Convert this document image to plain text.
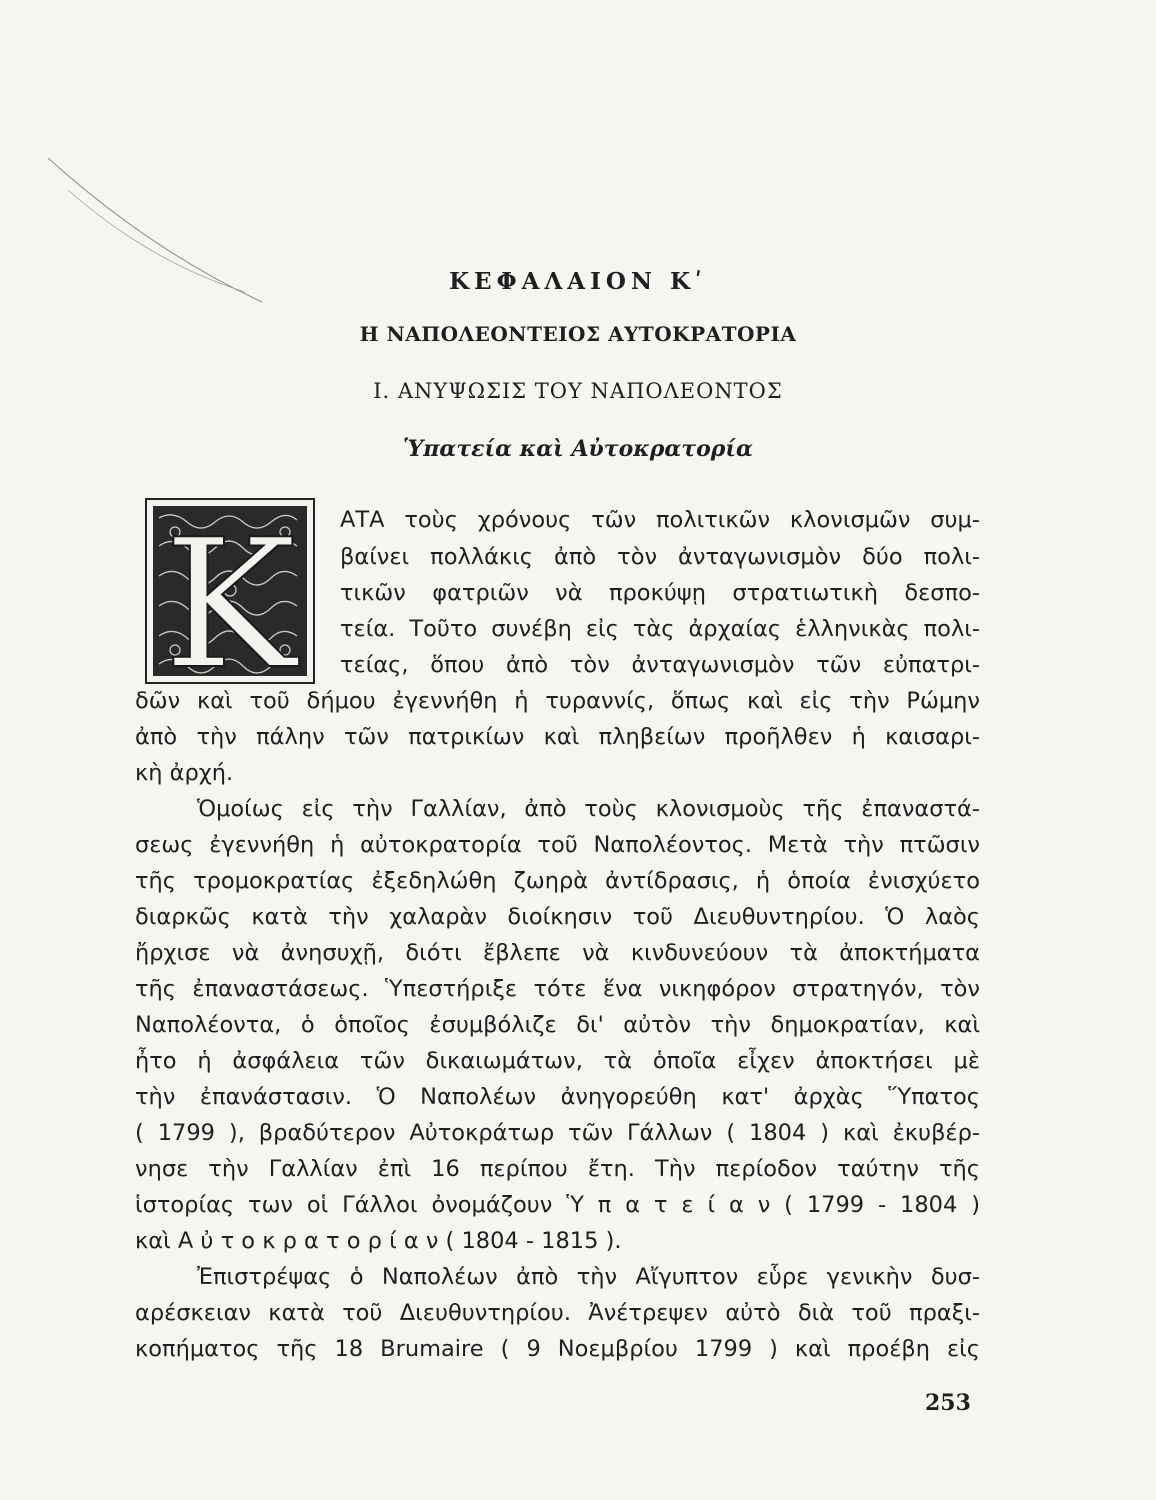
ΚΕΦΑΛΑΙΟΝ Κʹ
Η ΝΑΠΟΛΕΟΝΤΕΙΟΣ ΑΥΤΟΚΡΑΤΟΡΙΑ
Ι. ΑΝΥΨΩΣΙΣ ΤΟΥ ΝΑΠΟΛΕΟΝΤΟΣ
Ὑπατεία καὶ Αὐτοκρατορία
Κ ΑΤΑ τοὺς χρόνους τῶν πολιτικῶν κλονισμῶν συμ-
βαίνει πολλάκις ἀπὸ τὸν ἀνταγωνισμὸν δύο πολι-
τικῶν φατριῶν νὰ προκύψῃ στρατιωτικὴ δεσπο-
τεία. Τοῦτο συνέβη εἰς τὰς ἀρχαίας ἑλληνικὰς πολι-
τείας, ὅπου ἀπὸ τὸν ἀνταγωνισμὸν τῶν εὐπατρι-
δῶν καὶ τοῦ δήμου ἐγεννήθη ἡ τυραννίς, ὅπως καὶ εἰς τὴν Ρώμην
ἀπὸ τὴν πάλην τῶν πατρικίων καὶ πληβείων προῆλθεν ἡ καισαρι-
κὴ ἀρχή.
Ὁμοίως εἰς τὴν Γαλλίαν, ἀπὸ τοὺς κλονισμοὺς τῆς ἐπαναστά-
σεως ἐγεννήθη ἡ αὐτοκρατορία τοῦ Ναπολέοντος. Μετὰ τὴν πτῶσιν
τῆς τρομοκρατίας ἐξεδηλώθη ζωηρὰ ἀντίδρασις, ἡ ὁποία ἐνισχύετο
διαρκῶς κατὰ τὴν χαλαρὰν διοίκησιν τοῦ Διευθυντηρίου. Ὁ λαὸς
ἤρχισε νὰ ἀνησυχῇ, διότι ἔβλεπε νὰ κινδυνεύουν τὰ ἀποκτήματα
τῆς ἐπαναστάσεως. Ὑπεστήριξε τότε ἕνα νικηφόρον στρατηγόν, τὸν
Ναπολέοντα, ὁ ὁποῖος ἐσυμβόλιζε δι' αὐτὸν τὴν δημοκρατίαν, καὶ
ἦτο ἡ ἀσφάλεια τῶν δικαιωμάτων, τὰ ὁποῖα εἶχεν ἀποκτήσει μὲ
τὴν ἐπανάστασιν. Ὁ Ναπολέων ἀνηγορεύθη κατ' ἀρχὰς Ὕπατος
( 1799 ), βραδύτερον Αὐτοκράτωρ τῶν Γάλλων ( 1804 ) καὶ ἐκυβέρ-
νησε τὴν Γαλλίαν ἐπὶ 16 περίπου ἔτη. Τὴν περίοδον ταύτην τῆς
ἱστορίας των οἱ Γάλλοι ὀνομάζουν Ὑ π α τ ε ί α ν ( 1799 - 1804 )
καὶ Α ὐ τ ο κ ρ α τ ο ρ ί α ν ( 1804 - 1815 ).
Ἐπιστρέψας ὁ Ναπολέων ἀπὸ τὴν Αἴγυπτον εὗρε γενικὴν δυσ-
αρέσκειαν κατὰ τοῦ Διευθυντηρίου. Ἀνέτρεψεν αὐτὸ διὰ τοῦ πραξι-
κοπήματος τῆς 18 Brumaire ( 9 Νοεμβρίου 1799 ) καὶ προέβη εἰς
253
